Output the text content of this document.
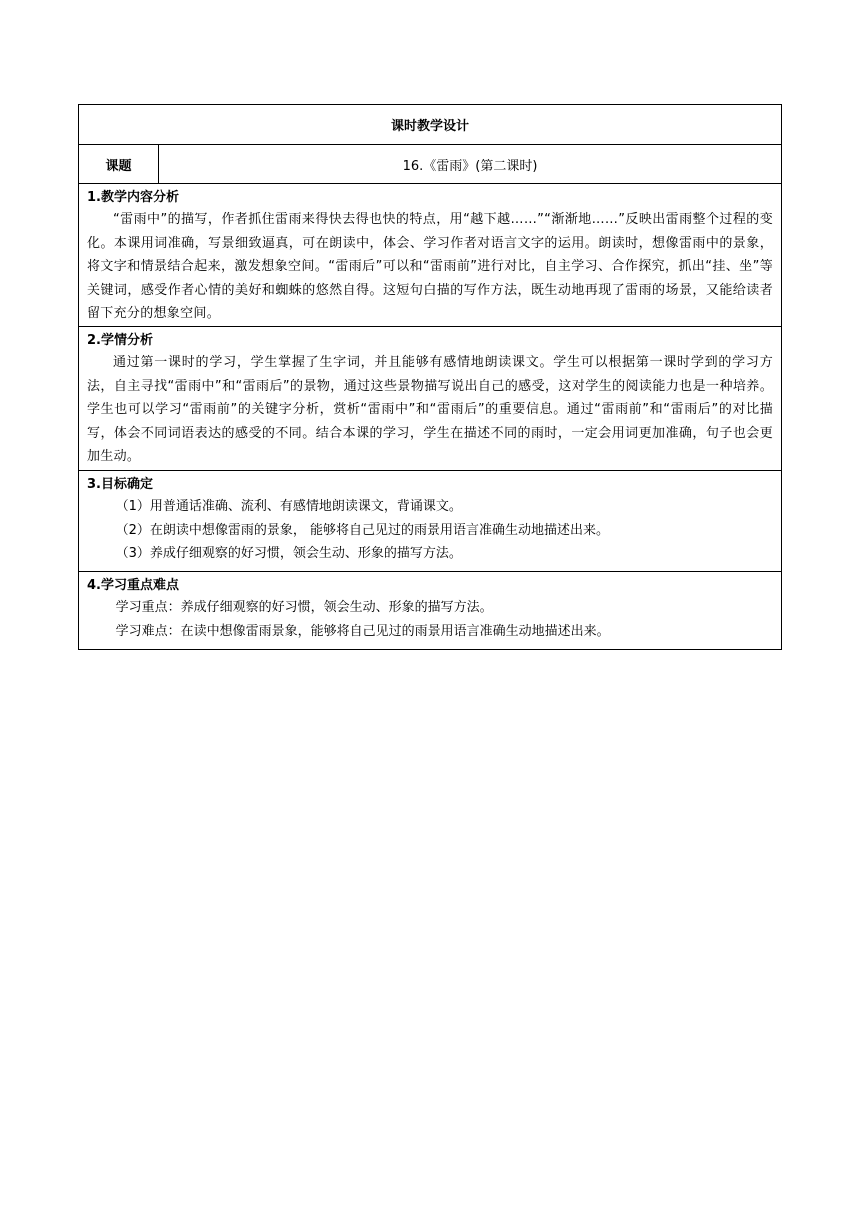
课时教学设计
课题	16.《雷雨》(第二课时)
1.教学内容分析

“雷雨中”的描写，作者抓住雷雨来得快去得也快的特点，用“越下越……”“渐渐地……”反映出雷雨整个过程的变化。本课用词准确，写景细致逼真，可在朗读中，体会、学习作者对语言文字的运用。朗读时，想像雷雨中的景象，将文字和情景结合起来，激发想象空间。“雷雨后”可以和“雷雨前”进行对比，自主学习、合作探究，抓出“挂、坐”等关键词，感受作者心情的美好和蜘蛛的悠然自得。这短句白描的写作方法，既生动地再现了雷雨的场景，又能给读者留下充分的想象空间。

2.学情分析

通过第一课时的学习，学生掌握了生字词，并且能够有感情地朗读课文。学生可以根据第一课时学到的学习方法，自主寻找“雷雨中”和“雷雨后”的景物，通过这些景物描写说出自己的感受，这对学生的阅读能力也是一种培养。学生也可以学习“雷雨前”的关键字分析，赏析“雷雨中”和“雷雨后”的重要信息。通过“雷雨前”和“雷雨后”的对比描写，体会不同词语表达的感受的不同。结合本课的学习，学生在描述不同的雨时，一定会用词更加准确，句子也会更加生动。

3.目标确定

（1）用普通话准确、流利、有感情地朗读课文，背诵课文。

（2）在朗读中想像雷雨的景象， 能够将自己见过的雨景用语言准确生动地描述出来。

（3）养成仔细观察的好习惯，领会生动、形象的描写方法。

4.学习重点难点

学习重点：养成仔细观察的好习惯，领会生动、形象的描写方法。

学习难点：在读中想像雷雨景象，能够将自己见过的雨景用语言准确生动地描述出来。
